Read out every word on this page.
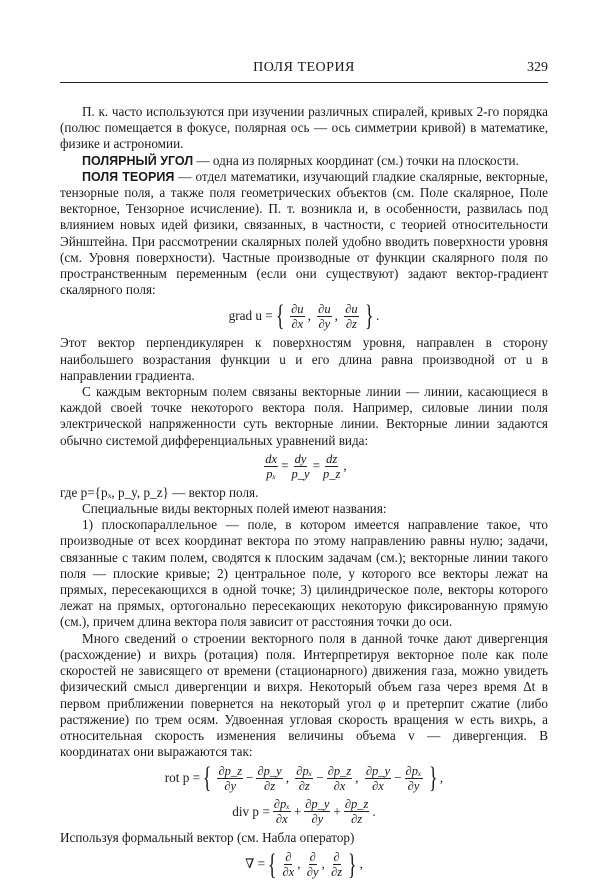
ПОЛЯ ТЕОРИЯ	329

П. к. часто используются при изучении различных спиралей, кривых 2-го порядка (полюс помещается в фокусе, полярная ось — ось симметрии кривой) в математике, физике и астрономии.

ПОЛЯРНЫЙ УГОЛ — одна из полярных координат (см.) точки на плоскости.

ПОЛЯ ТЕОРИЯ — отдел математики, изучающий гладкие скалярные, векторные, тензорные поля, а также поля геометрических объектов (см. Поле скалярное, Поле векторное, Тензорное исчисление). П. т. возникла и, в особенности, развилась под влиянием новых идей физики, связанных, в частности, с теорией относительности Эйнштейна. При рассмотрении скалярных полей удобно вводить поверхности уровня (см. Уровня поверхности). Частные производные от функции скалярного поля по пространственным переменным (если они существуют) задают вектор-градиент скалярного поля:

grad u = { $\frac{\partial u}{\partial x}$ , $\frac{\partial u}{\partial y}$ , $\frac{\partial u}{\partial z}$ } .

Этот вектор перпендикулярен к поверхностям уровня, направлен в сторону наибольшего возрастания функции u и его длина равна производной от u в направлении градиента.

С каждым векторным полем связаны векторные линии — линии, касающиеся в каждой своей точке некоторого вектора поля. Например, силовые линии поля электрической напряженности суть векторные линии. Векторные линии задаются обычно системой дифференциальных уравнений вида:

$\frac{dx}{\text{pₓ}} = \frac{dy}{p\_y} = \frac{dz}{p\_z}$ ,

где p={pₓ, p_y, p_z} — вектор поля.

Специальные виды векторных полей имеют названия:

1) плоскопараллельное — поле, в котором имеется направление такое, что производные от всех координат вектора по этому направлению равны нулю; задачи, связанные с таким полем, сводятся к плоским задачам (см.); векторные линии такого поля — плоские кривые; 2) центральное поле, у которого все векторы лежат на прямых, пересекающихся в одной точке; 3) цилиндрическое поле, векторы которого лежат на прямых, ортогонально пересекающих некоторую фиксированную прямую (см.), причем длина вектора поля зависит от расстояния точки до оси.

Много сведений о строении векторного поля в данной точке дают дивергенция (расхождение) и вихрь (ротация) поля. Интерпретируя векторное поле как поле скоростей не зависящего от времени (стационарного) движения газа, можно увидеть физический смысл дивергенции и вихря. Некоторый объем газа через время Δt в первом приближении повернется на некоторый угол φ и претерпит сжатие (либо растяжение) по трем осям. Удвоенная угловая скорость вращения w есть вихрь, а относительная скорость изменения величины объема v — дивергенция. В координатах они выражаются так:

rot p = { $\frac{\partial p\_z}{\partial y} - \frac{\partial p\_y}{\partial z}$ , $\frac{\text{∂pₓ}}{\partial z} - \frac{\partial p\_z}{\partial x}$ , $\frac{\partial p\_y}{\partial x} - \frac{\text{∂pₓ}}{\partial y}$ } ,
div $p = \frac{\text{∂pₓ}}{\partial x} + \frac{\partial p\_y}{\partial y} + \frac{\partial p\_z}{\partial z}$ .

Используя формальный вектор (см. Набла оператор)

∇ = { $\frac{\partial}{\partial x}$ , $\frac{\partial}{\partial y}$ , $\frac{\partial}{\partial z}$ } ,
